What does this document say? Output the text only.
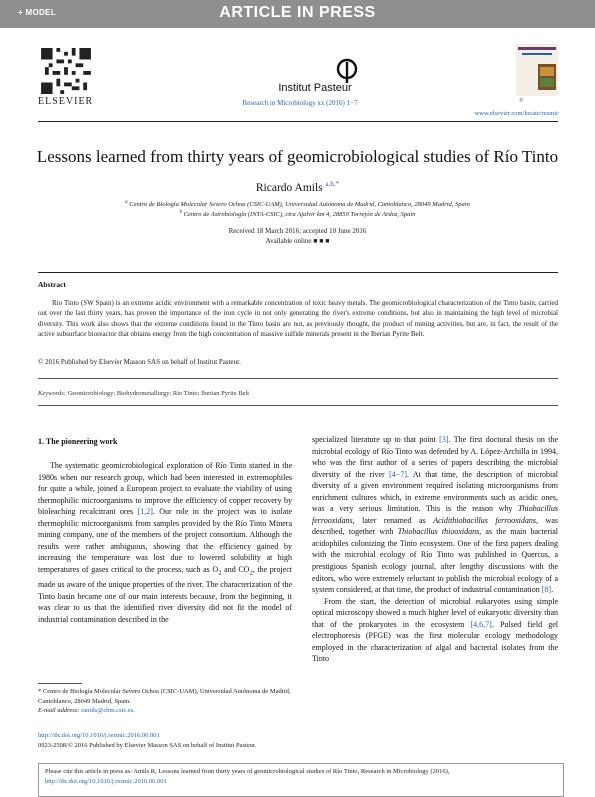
+ MODEL	ARTICLE IN PRESS
ELSEVIER
Institut Pasteur
Research in Microbiology xx (2016) 1−7	®
www.elsevier.com/locate/resmic
Lessons learned from thirty years of geomicrobiological studies of Río Tinto
Ricardo Amils $^{a,b,*}$
$^a$ Centro de Biología Molecular Severo Ochoa (CSIC-UAM), Universidad Autónoma de Madrid, Cantoblanco, 28049 Madrid, Spain
$^b$ Centro de Astrobiología (INTA-CSIC), ctra Ajalvir km 4, 28850 Torrejón de Ardoz, Spain
Received 18 March 2016; accepted 10 June 2016
Available online ■ ■ ■
Abstract
Río Tinto (SW Spain) is an extreme acidic environment with a remarkable concentration of toxic heavy metals. The geomicrobiological characterization of the Tinto basin, carried out over the last thirty years, has proven the importance of the iron cycle in not only generating the river's extreme conditions, but also in maintaining the high level of microbial diversity. This work also shows that the extreme conditions found in the Tinto basin are not, as previously thought, the product of mining activities, but are, in fact, the result of the active subsurface bioreactor that obtains energy from the high concentration of massive sulfide minerals present in the Iberian Pyrite Belt.
© 2016 Published by Elsevier Masson SAS on behalf of Institut Pasteur.
Keywords: Geomicrobiology; Biohydrometallurgy; Río Tinto; Iberian Pyrite Belt
1. The pioneering work

The systematic geomicrobiological exploration of Río Tinto started in the 1980s when our research group, which had been interested in extremophiles for quite a while, joined a European project to evaluate the viability of using thermophilic microorganisms to improve the efficiency of copper recovery by bioleaching recalcitrant ores [1,2]. Our role in the project was to isolate thermophilic microorganisms from samples provided by the Río Tinto Minera mining company, one of the members of the project consortium. Although the results were rather ambiguous, showing that the efficiency gained by increasing the temperature was lost due to lowered solubility at high temperatures of gases critical to the process, such as $O_2$ and $CO_2$, the project made us aware of the unique properties of the river. The characterization of the Tinto basin became one of our main interests because, from the beginning, it was clear to us that the identified river diversity did not fit the model of industrial contamination described in the

specialized literature up to that point [3]. The first doctoral thesis on the microbial ecology of Río Tinto was defended by A. López-Archilla in 1994, who was the first author of a series of papers describing the microbial diversity of the river [4−7]. At that time, the description of microbial diversity of a given environment required isolating microorganisms from enrichment cultures which, in extreme environments such as acidic ones, was a very serious limitation. This is the reason why Thiobacillus ferrooxidans, later renamed as Acidithiobacillus ferrooxidans, was described, together with Thiobacillus thiooxidans, as the main bacterial acidophiles colonizing the Tinto ecosystem. One of the first papers dealing with the microbial ecology of Río Tinto was published in Quercus, a prestigious Spanish ecology journal, after lengthy discussions with the editors, who were extremely reluctant to publish the microbial ecology of a system considered, at that time, the product of industrial contamination [8].

From the start, the detection of microbial eukaryotes using simple optical microscopy showed a much higher level of eukaryotic diversity than that of the prokaryotes in the ecosystem [4,6,7]. Pulsed field gel electrophoresis (PFGE) was the first molecular ecology methodology employed in the characterization of algal and bacterial isolates from the Tinto

* Centro de Biología Molecular Severo Ochoa (CSIC-UAM), Universidad Autónoma de Madrid, Cantoblanco, 28049 Madrid, Spain.
E-mail address: ramils@cbm.csic.es.
http://dx.doi.org/10.1016/j.resmic.2016.06.001
0923-2508/© 2016 Published by Elsevier Masson SAS on behalf of Institut Pasteur.
Please cite this article in press as: Amils R, Lessons learned from thirty years of geomicrobiological studies of Río Tinto, Research in Microbiology (2016),
http://dx.doi.org/10.1016/j.resmic.2016.06.001
